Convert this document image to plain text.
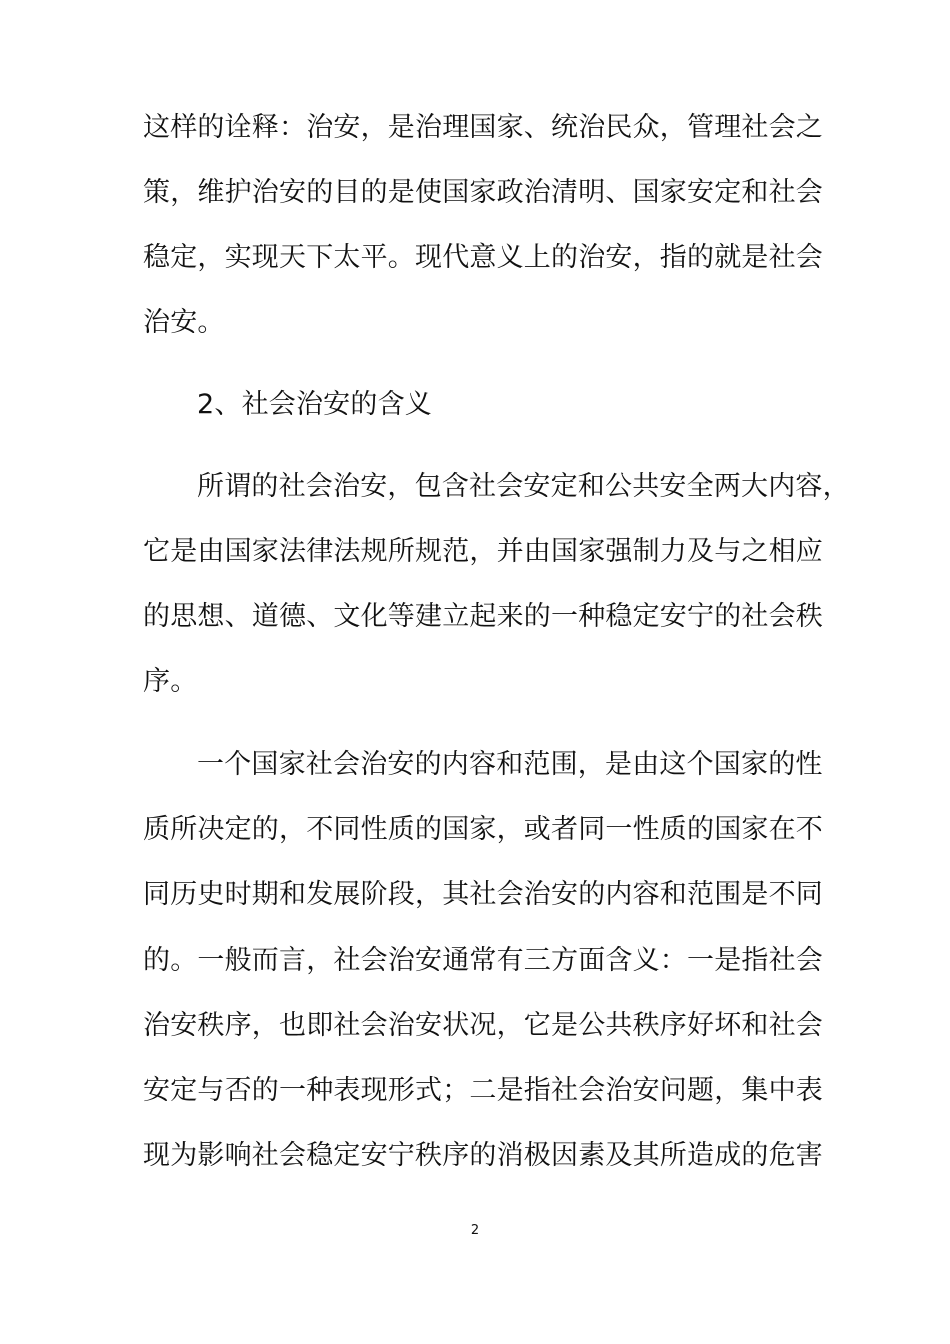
这样的诠释：治安，是治理国家、统治民众，管理社会之
策，维护治安的目的是使国家政治清明、国家安定和社会
稳定，实现天下太平。现代意义上的治安，指的就是社会
治安。
2、社会治安的含义
所谓的社会治安，包含社会安定和公共安全两大内容，
它是由国家法律法规所规范，并由国家强制力及与之相应
的思想、道德、文化等建立起来的一种稳定安宁的社会秩
序。
一个国家社会治安的内容和范围，是由这个国家的性
质所决定的，不同性质的国家，或者同一性质的国家在不
同历史时期和发展阶段，其社会治安的内容和范围是不同
的。一般而言，社会治安通常有三方面含义：一是指社会
治安秩序，也即社会治安状况，它是公共秩序好坏和社会
安定与否的一种表现形式；二是指社会治安问题，集中表
现为影响社会稳定安宁秩序的消极因素及其所造成的危害
2
